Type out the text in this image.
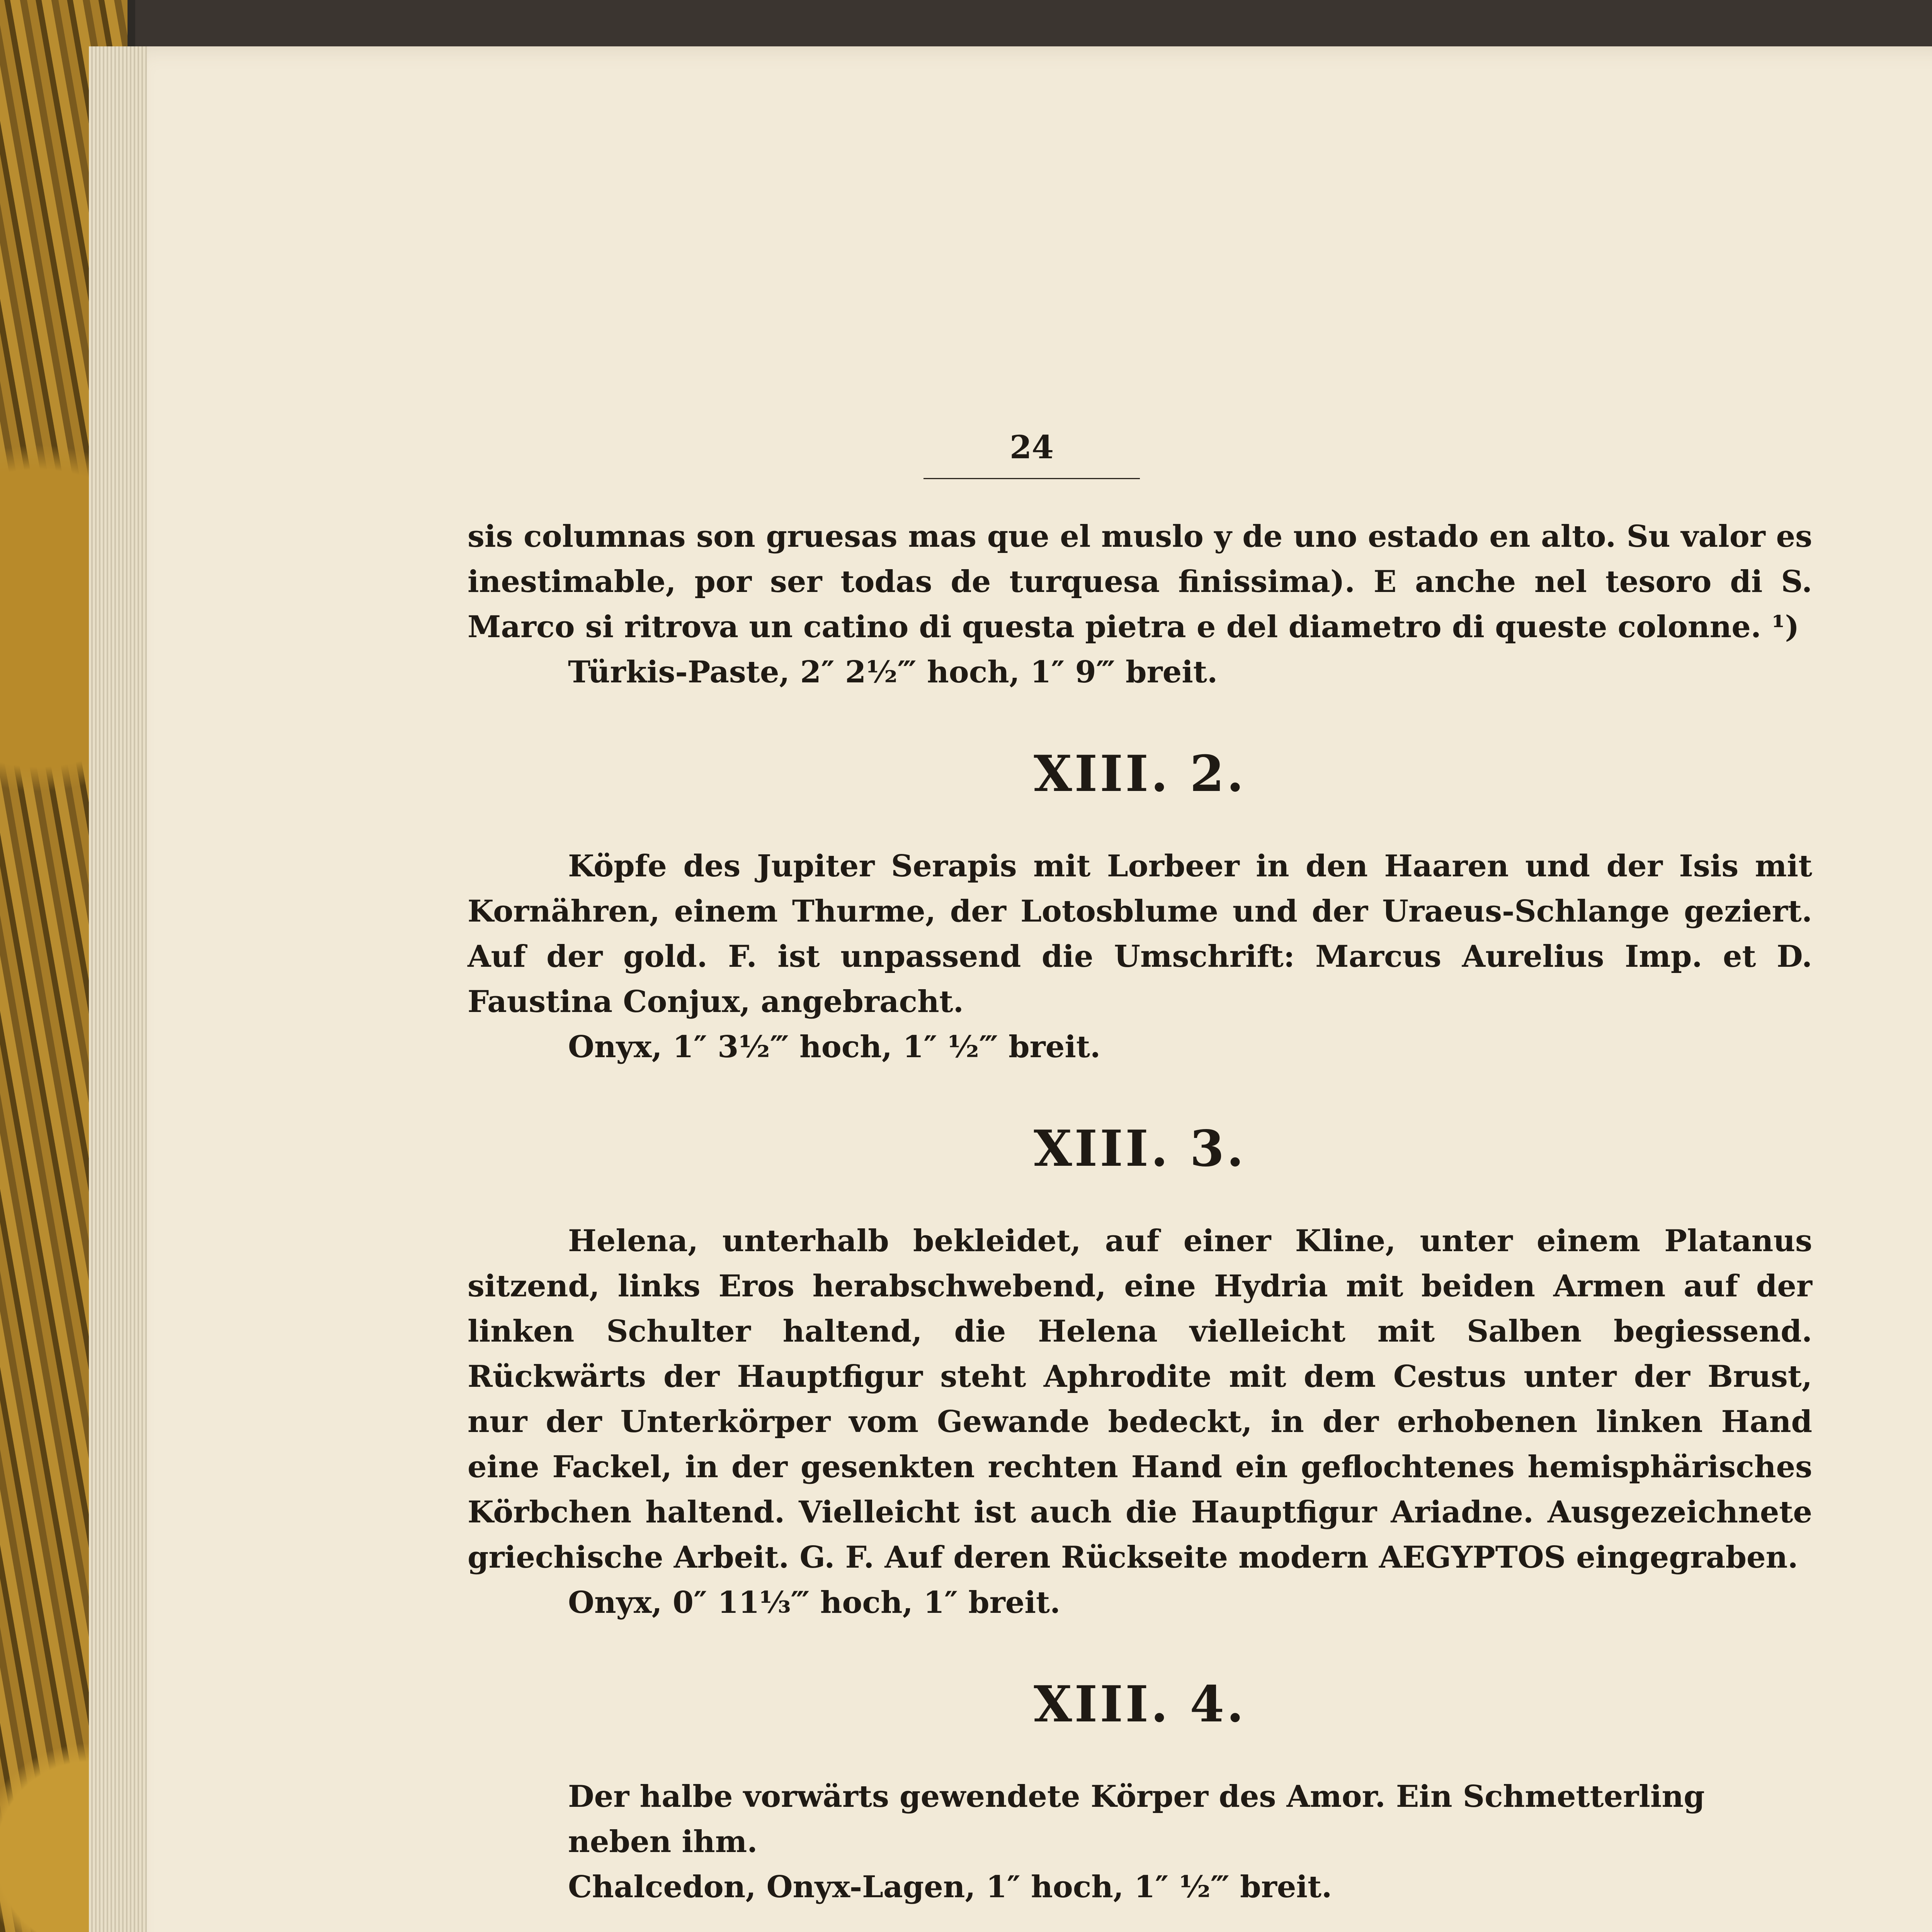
24

sis columnas son gruesas mas que el muslo y de uno estado en alto. Su valor es inestimable, por ser todas de turquesa finissima). E anche nel tesoro di S. Marco si ritrova un catino di questa pietra e del diametro di queste colonne. ¹)

Türkis-Paste, 2″ 2½‴ hoch, 1″ 9‴ breit.
XIII. 2.

Köpfe des Jupiter Serapis mit Lorbeer in den Haaren und der Isis mit Kornähren, einem Thurme, der Lotosblume und der Uraeus-Schlange geziert. Auf der gold. F. ist unpassend die Umschrift: Marcus Aurelius Imp. et D. Faustina Conjux, angebracht.

Onyx, 1″ 3½‴ hoch, 1″ ½‴ breit.
XIII. 3.

Helena, unterhalb bekleidet, auf einer Kline, unter einem Platanus sitzend, links Eros herabschwebend, eine Hydria mit beiden Armen auf der linken Schulter haltend, die Helena vielleicht mit Salben begiessend. Rückwärts der Hauptfigur steht Aphrodite mit dem Cestus unter der Brust, nur der Unterkörper vom Gewande bedeckt, in der erhobenen linken Hand eine Fackel, in der gesenkten rechten Hand ein geflochtenes hemisphärisches Körbchen haltend. Vielleicht ist auch die Hauptfigur Ariadne. Ausgezeichnete griechische Arbeit. G. F. Auf deren Rückseite modern AEGYPTOS eingegraben.

Onyx, 0″ 11⅓‴ hoch, 1″ breit.
XIII. 4.
Der halbe vorwärts gewendete Körper des Amor. Ein Schmetterling neben ihm.
Chalcedon, Onyx-Lagen, 1″ hoch, 1″ ½‴ breit.
